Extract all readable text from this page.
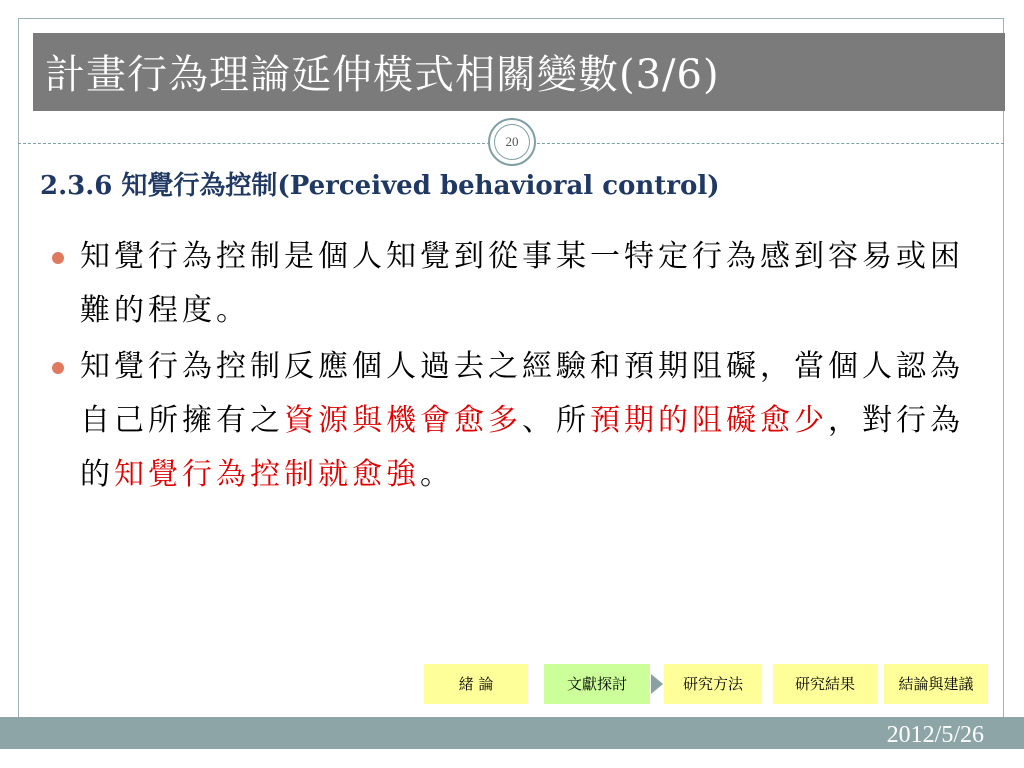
計畫行為理論延伸模式相關變數(3/6)
20
2.3.6 知覺行為控制(Perceived behavioral control)
知覺行為控制是個人知覺到從事某一特定行為感到容易或困難的程度。
知覺行為控制反應個人過去之經驗和預期阻礙，當個人認為自己所擁有之資源與機會愈多、所預期的阻礙愈少，對行為的知覺行為控制就愈強。
緒 論	文獻探討	研究方法	研究結果	結論與建議
2012/5/26
